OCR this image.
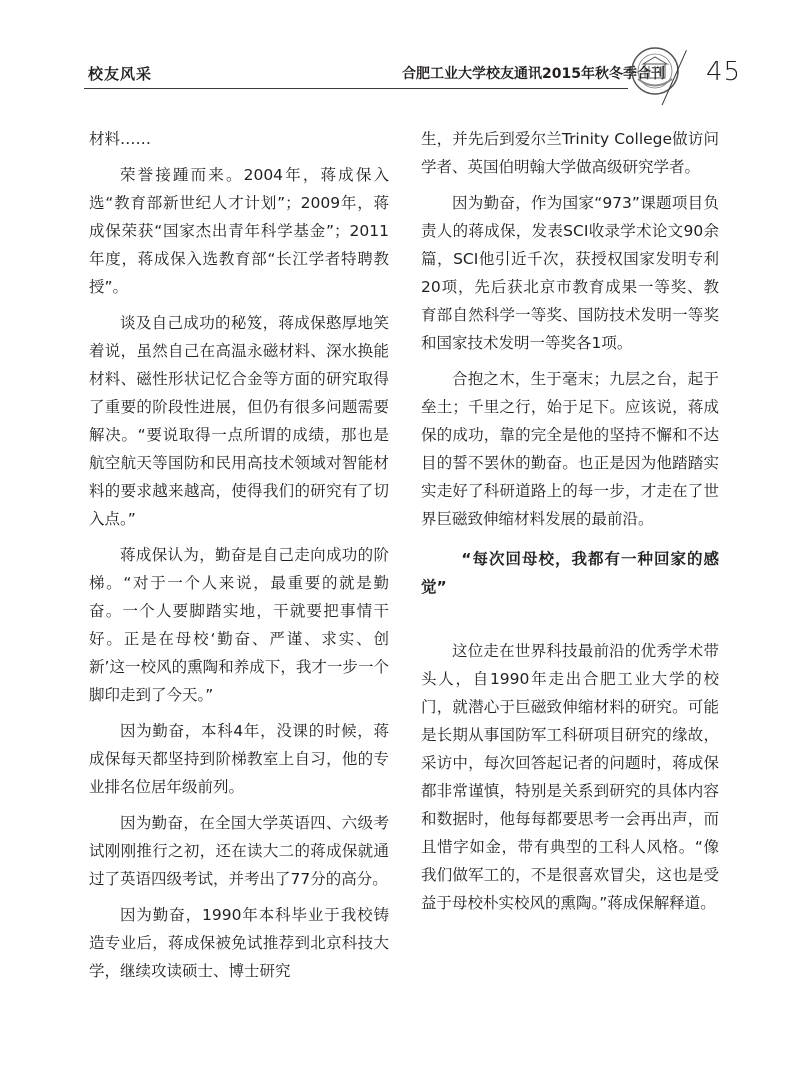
校友风采	合肥工业大学校友通讯2015年秋冬季合刊 45

材料……

荣誉接踵而来。2004年，蒋成保入选“教育部新世纪人才计划”；2009年，蒋成保荣获“国家杰出青年科学基金”；2011年度，蒋成保入选教育部“长江学者特聘教授”。

谈及自己成功的秘笈，蒋成保憨厚地笑着说，虽然自己在高温永磁材料、深水换能材料、磁性形状记忆合金等方面的研究取得了重要的阶段性进展，但仍有很多问题需要解决。“要说取得一点所谓的成绩，那也是航空航天等国防和民用高技术领域对智能材料的要求越来越高，使得我们的研究有了切入点。”

蒋成保认为，勤奋是自己走向成功的阶梯。“对于一个人来说，最重要的就是勤奋。一个人要脚踏实地，干就要把事情干好。正是在母校‘勤奋、严谨、求实、创新’这一校风的熏陶和养成下，我才一步一个脚印走到了今天。”

因为勤奋，本科4年，没课的时候，蒋成保每天都坚持到阶梯教室上自习，他的专业排名位居年级前列。

因为勤奋，在全国大学英语四、六级考试刚刚推行之初，还在读大二的蒋成保就通过了英语四级考试，并考出了77分的高分。

因为勤奋，1990年本科毕业于我校铸造专业后，蒋成保被免试推荐到北京科技大学，继续攻读硕士、博士研究

生，并先后到爱尔兰Trinity College做访问学者、英国伯明翰大学做高级研究学者。

因为勤奋，作为国家“973”课题项目负责人的蒋成保，发表SCI收录学术论文90余篇，SCI他引近千次，获授权国家发明专利20项，先后获北京市教育成果一等奖、教育部自然科学一等奖、国防技术发明一等奖和国家技术发明一等奖各1项。

合抱之木，生于毫末；九层之台，起于垒土；千里之行，始于足下。应该说，蒋成保的成功，靠的完全是他的坚持不懈和不达目的誓不罢休的勤奋。也正是因为他踏踏实实走好了科研道路上的每一步，才走在了世界巨磁致伸缩材料发展的最前沿。

“每次回母校，我都有一种回家的感觉”

这位走在世界科技最前沿的优秀学术带头人，自1990年走出合肥工业大学的校门，就潜心于巨磁致伸缩材料的研究。可能是长期从事国防军工科研项目研究的缘故，采访中，每次回答起记者的问题时，蒋成保都非常谨慎，特别是关系到研究的具体内容和数据时，他每每都要思考一会再出声，而且惜字如金，带有典型的工科人风格。“像我们做军工的，不是很喜欢冒尖，这也是受益于母校朴实校风的熏陶。”蒋成保解释道。
